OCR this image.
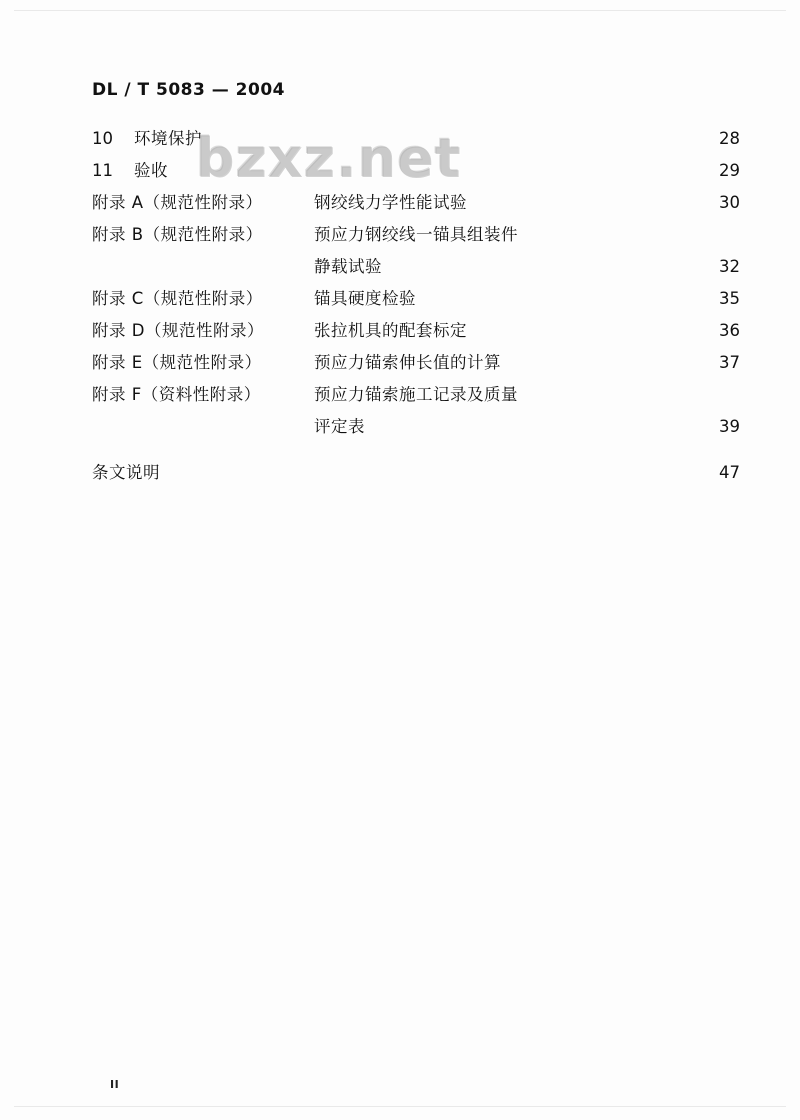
DL / T 5083 — 2004
bzxz.net
10	环境保护 ·····	28
11	验收 ·····	29
附录 A（规范性附录）	钢绞线力学性能试验 ·····	30
附录 B（规范性附录）	预应力钢绞线一锚具组装件
静载试验 ·····	32
附录 C（规范性附录）	锚具硬度检验 ·····	35
附录 D（规范性附录）	张拉机具的配套标定 ·····	36
附录 E（规范性附录）	预应力锚索伸长值的计算 ·····	37
附录 F（资料性附录）	预应力锚索施工记录及质量
评定表 ·····	39
条文说明 ·····	47
II
